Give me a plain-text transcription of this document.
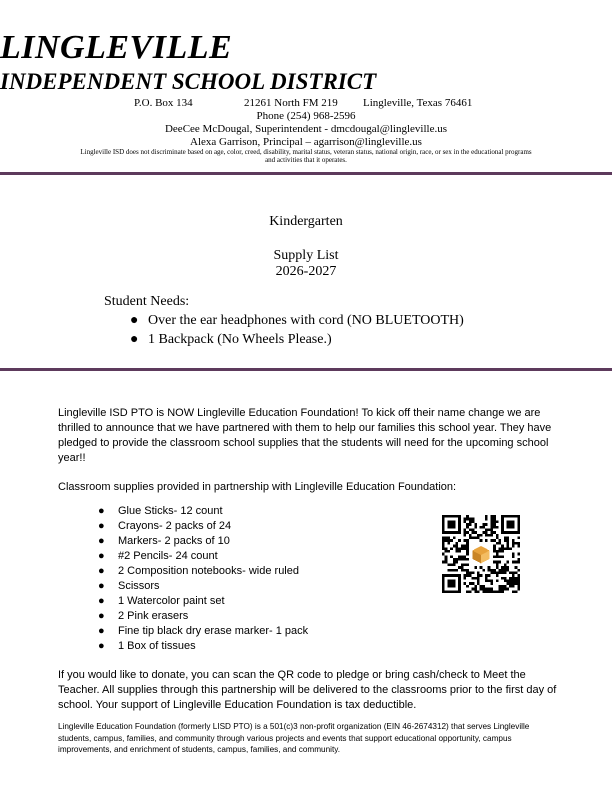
LINGLEVILLE
INDEPENDENT SCHOOL DISTRICT
P.O. Box 134	21261 North FM 219 Lingleville, Texas 76461
Phone (254) 968-2596
DeeCee McDougal, Superintendent - dmcdougal@lingleville.us
Alexa Garrison, Principal – agarrison@lingleville.us
Lingleville ISD does not discriminate based on age, color, creed, disability, marital status, veteran status, national origin, race, or sex in the educational programs and activities that it operates.
Kindergarten
Supply List
2026-2027
Student Needs:
● Over the ear headphones with cord (NO BLUETOOTH)
● 1 Backpack (No Wheels Please.)
Lingleville ISD PTO is NOW Lingleville Education Foundation! To kick off their name change we are thrilled to announce that we have partnered with them to help our families this school year. They have pledged to provide the classroom school supplies that the students will need for the upcoming school year!!
Classroom supplies provided in partnership with Lingleville Education Foundation:
● Glue Sticks- 12 count
● Crayons- 2 packs of 24
● Markers- 2 packs of 10
● #2 Pencils- 24 count
● 2 Composition notebooks- wide ruled
● Scissors
● 1 Watercolor paint set
● 2 Pink erasers
● Fine tip black dry erase marker- 1 pack
● 1 Box of tissues
If you would like to donate, you can scan the QR code to pledge or bring cash/check to Meet the Teacher. All supplies through this partnership will be delivered to the classrooms prior to the first day of school. Your support of Lingleville Education Foundation is tax deductible.
Lingleville Education Foundation (formerly LISD PTO) is a 501(c)3 non-profit organization (EIN 46-2674312) that serves Lingleville students, campus, families, and community through various projects and events that support educational opportunity, campus improvements, and enrichment of students, campus, families, and community.
